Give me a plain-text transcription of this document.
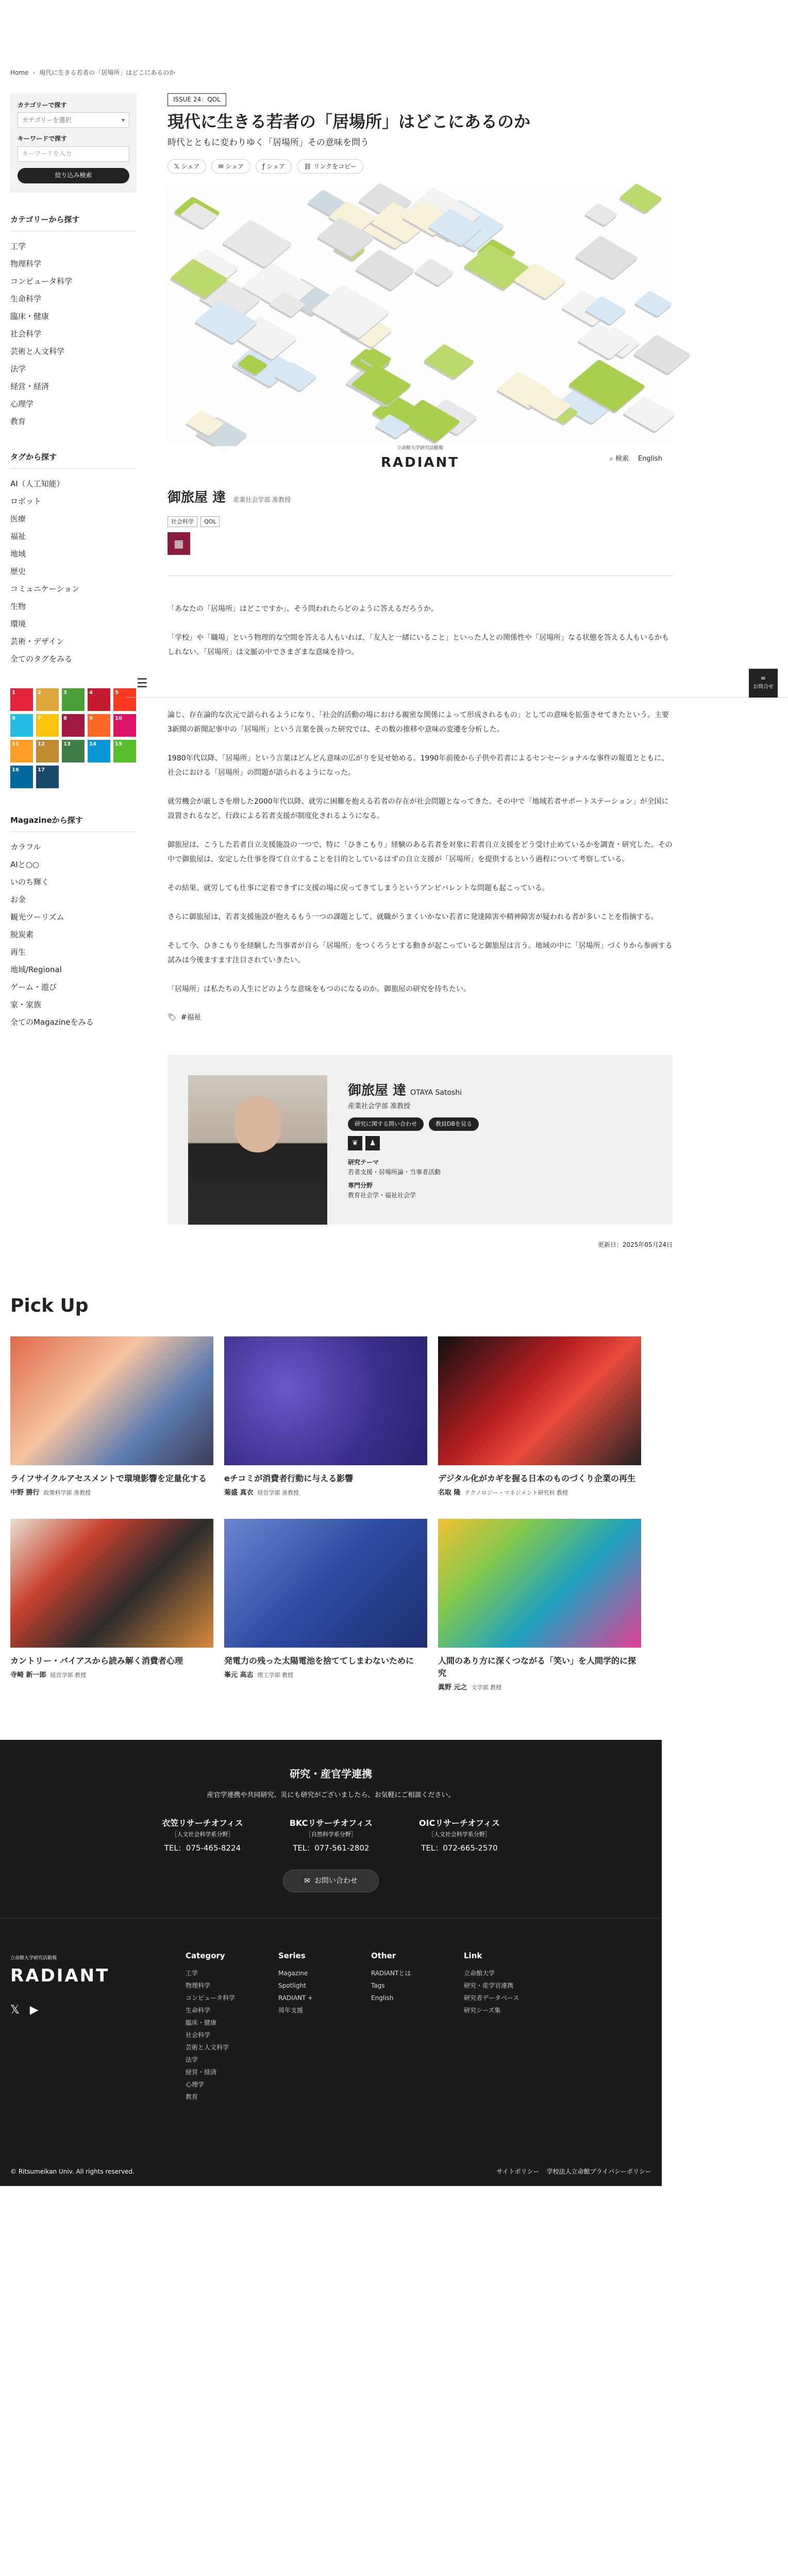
Home › 現代に生きる若者の「居場所」はどこにあるのか
カテゴリーで探す
カテゴリーを選択	▾
キーワードで探す
キーワードを入力
絞り込み検索
カテゴリーから探す
工学
物理科学
コンピュータ科学
生命科学
臨床・健康
社会科学
芸術と人文科学
法学
経営・経済
心理学
教育
タグから探す
AI（人工知能）
ロボット
医療
福祉
地域
歴史
コミュニケーション
生物
環境
芸術・デザイン
全てのタグをみる
1	2	3	4	5
6	7	8	9	10
11	12	13	14	15
16	17
Magazineから探す
カラフル
AIと○○
いのち輝く
お金
観光ツーリズム
脱炭素
再生
地域/Regional
ゲーム・遊び
家・家族
全てのMagazineをみる
ISSUE 24：QOL
現代に生きる若者の「居場所」はどこにあるのか
時代とともに変わりゆく「居場所」その意味を問う
𝕏 シェア	✉ シェア	ƒ シェア	⛓ リンクをコピー
立命館大学研究活動報
RADIANT	⌕ 検索 English
御旅屋 達 産業社会学部 准教授
社会科学	QOL
▦

「あなたの「居場所」はどこですか」、そう問われたらどのように答えるだろうか。

「学校」や「職場」という物理的な空間を答える人もいれば、「友人と一緒にいること」といった人との関係性や「居場所」なる状態を答える人もいるかもしれない。「居場所」は文脈の中でさまざまな意味を持つ。

☰	✉
お問合せ

論じ、存在論的な次元で語られるようになり、「社会的活動の場における親密な関係によって形成されるもの」としての意味を拡張させてきたという。主要3新聞の新聞記事中の「居場所」という言葉を扱った研究では、その数の推移や意味の変遷を分析した。

1980年代以降、「居場所」という言葉はどんどん意味の広がりを見せ始める。1990年前後から子供や若者によるセンセーショナルな事件の報道とともに、社会における「居場所」の問題が語られるようになった。

就労機会が厳しさを増した2000年代以降、就労に困難を抱える若者の存在が社会問題となってきた。その中で「地域若者サポートステーション」が全国に設置されるなど、行政による若者支援が制度化されるようになる。

御旅屋は、こうした若者自立支援施設の一つで、特に「ひきこもり」経験のある若者を対象に若者自立支援をどう受け止めているかを調査・研究した。その中で御旅屋は、安定した仕事を得て自立することを目的としているはずの自立支援が「居場所」を提供するという過程について考察している。

その結果、就労しても仕事に定着できずに支援の場に戻ってきてしまうというアンビバレントな問題も起こっている。

さらに御旅屋は、若者支援施設が抱えるもう一つの課題として、就職がうまくいかない若者に発達障害や精神障害が疑われる者が多いことを指摘する。

そして今、ひきこもりを経験した当事者が自ら「居場所」をつくろうとする動きが起こっていると御旅屋は言う。地域の中に「居場所」づくりから参画する試みは今後ますます注目されていきたい。

「居場所」は私たちの人生にどのような意味をもつのになるのか。御旅屋の研究を待ちたい。

🏷 #福祉
御旅屋 達 OTAYA Satoshi
産業社会学部 准教授
研究に関する問い合わせ	教員DBを見る
❦	♟
研究テーマ
若者支援・居場所論・当事者活動
専門分野
教育社会学・福祉社会学
更新日：2025年05月24日
Pick Up
ライフサイクルアセスメントで環境影響を定量化する
中野 勝行 政策科学部 准教授
eチコミが消費者行動に与える影響
菊盛 真衣 経営学部 准教授
デジタル化がカギを握る日本のものづくり企業の再生
名取 隆 テクノロジー・マネジメント研究科 教授
カントリー・バイアスから読み解く消費者心理
寺崎 新一郎 経営学部 教授
発電力の残った太陽電池を捨ててしまわないために
峯元 高志 理工学部 教授
人間のあり方に深くつながる「笑い」を人間学的に探究
眞野 元之 文学部 教授
研究・産官学連携
産官学連携や共同研究、災にも研究がございましたら、お気軽にご相談ください。
衣笠リサーチオフィス
［人文社会科学系分野］
TEL：075-465-8224
BKCリサーチオフィス
［自然科学系分野］
TEL：077-561-2802
OICリサーチオフィス
［人文社会科学系分野］
TEL：072-665-2570
✉ お問い合わせ
立命館大学研究活動報
RADIANT
𝕏 ▶
Category
工学
物理科学
コンピュータ科学
生命科学
臨床・健康
社会科学
芸術と人文科学
法学
経営・経済
心理学
教育
Series
Magazine
Spotlight
RADIANT +
周年支援
Other
RADIANTとは
Tags
English
Link
立命館大学
研究・産学官連携
研究者データベース
研究シーズ集
© Ritsumeikan Univ. All rights reserved.	サイトポリシー 学校法人立命館プライバシーポリシー
